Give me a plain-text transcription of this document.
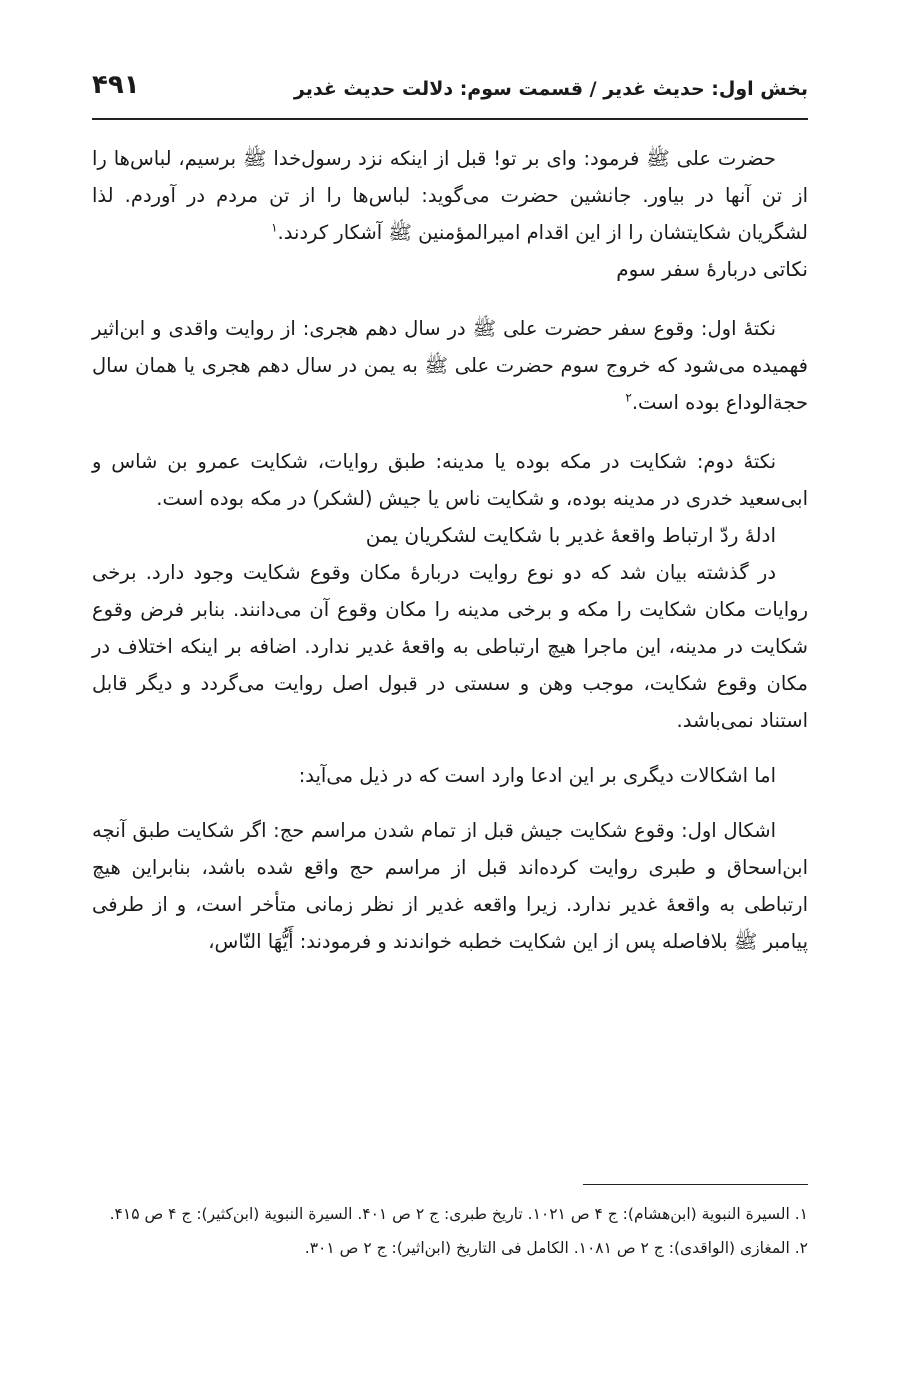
بخش اول: حدیث غدیر / قسمت سوم: دلالت حدیث غدیر
۴۹۱

حضرت علی ﷺ فرمود: وای بر تو! قبل از اینکه نزد رسول‌خدا ﷺ برسیم، لباس‌ها را از تن آنها در بیاور. جانشین حضرت می‌گوید: لباس‌ها را از تن مردم در آوردم. لذا لشگریان شکایتشان را از این اقدام امیرالمؤمنین ﷺ آشکار کردند.$^۱$

نکاتی دربارهٔ سفر سوم

نکتهٔ اول: وقوع سفر حضرت علی ﷺ در سال دهم هجری: از روایت واقدی و ابن‌اثیر فهمیده می‌شود که خروج سوم حضرت علی ﷺ به یمن در سال دهم هجری یا همان سال حجة‌الوداع بوده است.$^۲$

نکتهٔ دوم: شکایت در مکه بوده یا مدینه: طبق روایات، شکایت عمرو بن شاس و ابی‌سعید خدری در مدینه بوده، و شکایت ناس یا جیش (لشکر) در مکه بوده است.

ادلهٔ ردّ ارتباط واقعهٔ غدیر با شکایت لشکریان یمن

در گذشته بیان شد که دو نوع روایت دربارهٔ مکان وقوع شکایت وجود دارد. برخی روایات مکان شکایت را مکه و برخی مدینه را مکان وقوع آن می‌دانند. بنابر فرض وقوع شکایت در مدینه، این ماجرا هیچ ارتباطی به واقعهٔ غدیر ندارد. اضافه بر اینکه اختلاف در مکان وقوع شکایت، موجب وهن و سستی در قبول اصل روایت می‌گردد و دیگر قابل استناد نمی‌باشد.

اما اشکالات دیگری بر این ادعا وارد است که در ذیل می‌آید:

اشکال اول: وقوع شکایت جیش قبل از تمام شدن مراسم حج: اگر شکایت طبق آنچه ابن‌اسحاق و طبری روایت کرده‌اند قبل از مراسم حج واقع شده باشد، بنابراین هیچ ارتباطی به واقعهٔ غدیر ندارد. زیرا واقعه غدیر از نظر زمانی متأخر است، و از طرفی پیامبر ﷺ بلافاصله پس از این شکایت خطبه خواندند و فرمودند: أَیُّهَا النّاس،

۱. السیرة النبویة (ابن‌هشام): ج ۴ ص ۱۰۲۱. تاریخ طبری: ج ۲ ص ۴۰۱. السیرة النبویة (ابن‌کثیر): ج ۴ ص ۴۱۵.

۲. المغازی (الواقدی): ج ۲ ص ۱۰۸۱. الکامل فی التاریخ (ابن‌اثیر): ج ۲ ص ۳۰۱.
